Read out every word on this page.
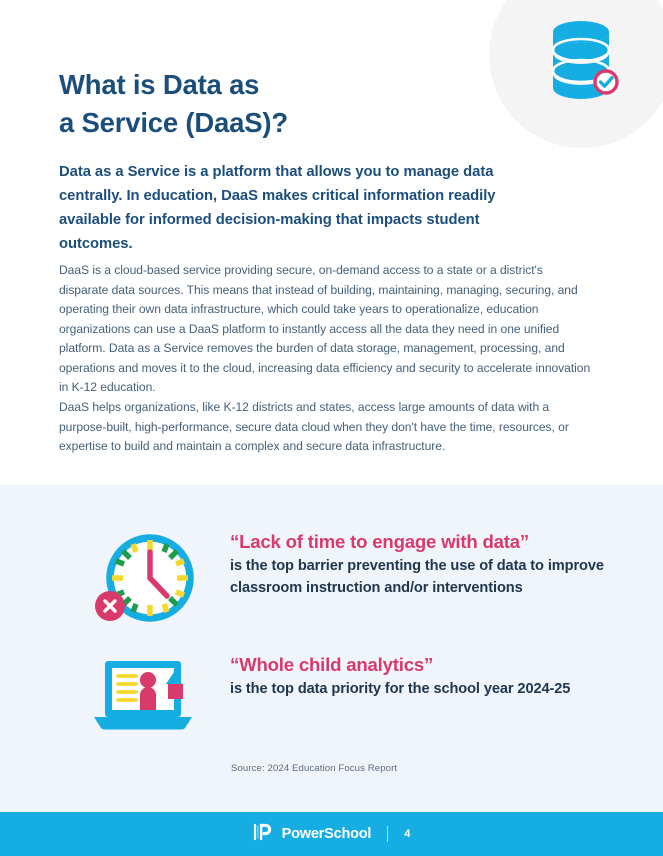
What is Data as
a Service (DaaS)?

Data as a Service is a platform that allows you to manage data centrally. In education, DaaS makes critical information readily available for informed decision-making that impacts student outcomes.

DaaS is a cloud-based service providing secure, on-demand access to a state or a district's disparate data sources. This means that instead of building, maintaining, managing, securing, and operating their own data infrastructure, which could take years to operationalize, education organizations can use a DaaS platform to instantly access all the data they need in one unified platform. Data as a Service removes the burden of data storage, management, processing, and operations and moves it to the cloud, increasing data efficiency and security to accelerate innovation in K-12 education.

DaaS helps organizations, like K-12 districts and states, access large amounts of data with a purpose-built, high-performance, secure data cloud when they don't have the time, resources, or expertise to build and maintain a complex and secure data infrastructure.

“Lack of time to engage with data”
is the top barrier preventing the use of data to improve classroom instruction and/or interventions
“Whole child analytics”
is the top data priority for the school year 2024-25
Source: 2024 Education Focus Report
PowerSchool	4
